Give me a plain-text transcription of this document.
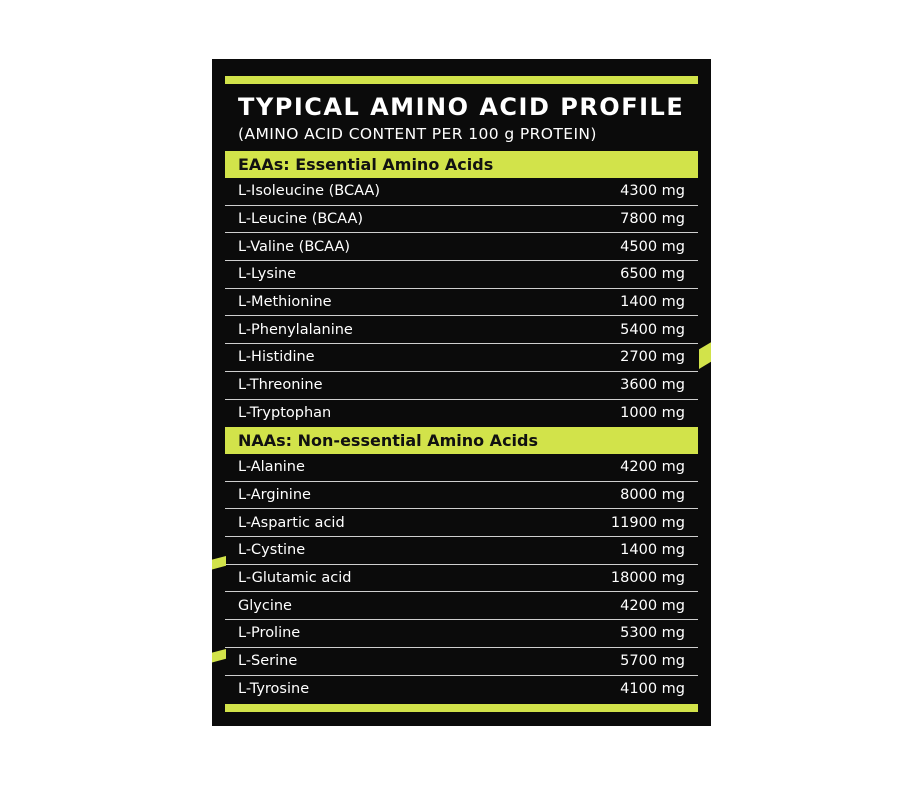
TYPICAL AMINO ACID PROFILE
(AMINO ACID CONTENT PER 100 g PROTEIN)
EAAs: Essential Amino Acids
L-Isoleucine (BCAA)	4300 mg
L-Leucine (BCAA)	7800 mg
L-Valine (BCAA)	4500 mg
L-Lysine	6500 mg
L-Methionine	1400 mg
L-Phenylalanine	5400 mg
L-Histidine	2700 mg
L-Threonine	3600 mg
L-Tryptophan	1000 mg
NAAs: Non-essential Amino Acids
L-Alanine	4200 mg
L-Arginine	8000 mg
L-Aspartic acid	11900 mg
L-Cystine	1400 mg
L-Glutamic acid	18000 mg
Glycine	4200 mg
L-Proline	5300 mg
L-Serine	5700 mg
L-Tyrosine	4100 mg
